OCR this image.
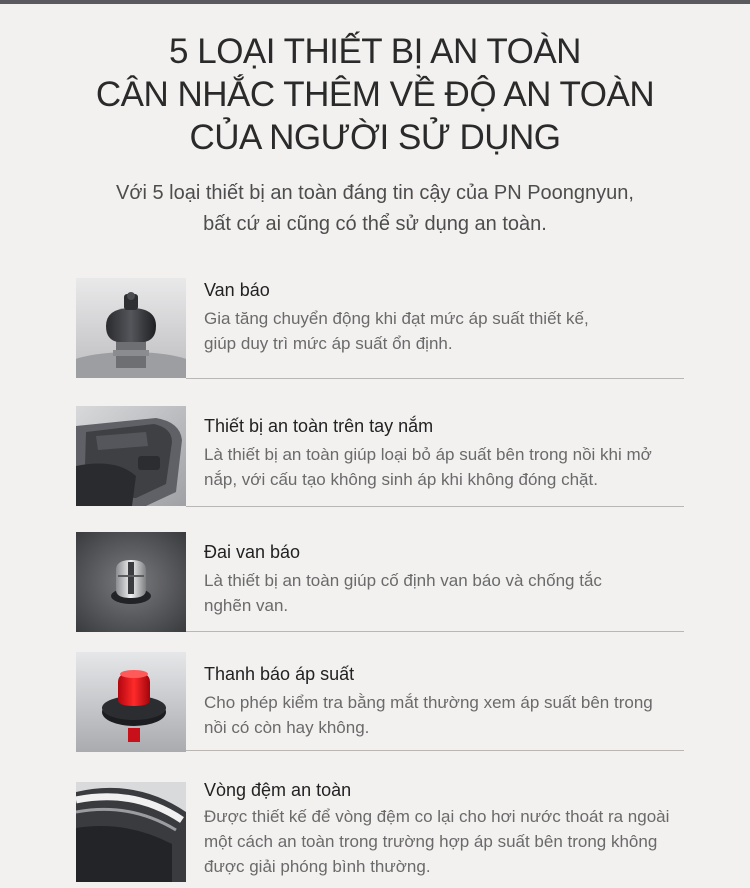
5 LOẠI THIẾT BỊ AN TOÀN
CÂN NHẮC THÊM VỀ ĐỘ AN TOÀN
CỦA NGƯỜI SỬ DỤNG
Với 5 loại thiết bị an toàn đáng tin cậy của PN Poongnyun,
bất cứ ai cũng có thể sử dụng an toàn.
Van báo
Gia tăng chuyển động khi đạt mức áp suất thiết kế,
giúp duy trì mức áp suất ổn định.
Thiết bị an toàn trên tay nắm
Là thiết bị an toàn giúp loại bỏ áp suất bên trong nồi khi mở
nắp, với cấu tạo không sinh áp khi không đóng chặt.
Đai van báo
Là thiết bị an toàn giúp cố định van báo và chống tắc
nghẽn van.
Thanh báo áp suất
Cho phép kiểm tra bằng mắt thường xem áp suất bên trong
nồi có còn hay không.
Vòng đệm an toàn
Được thiết kế để vòng đệm co lại cho hơi nước thoát ra ngoài
một cách an toàn trong trường hợp áp suất bên trong không
được giải phóng bình thường.
